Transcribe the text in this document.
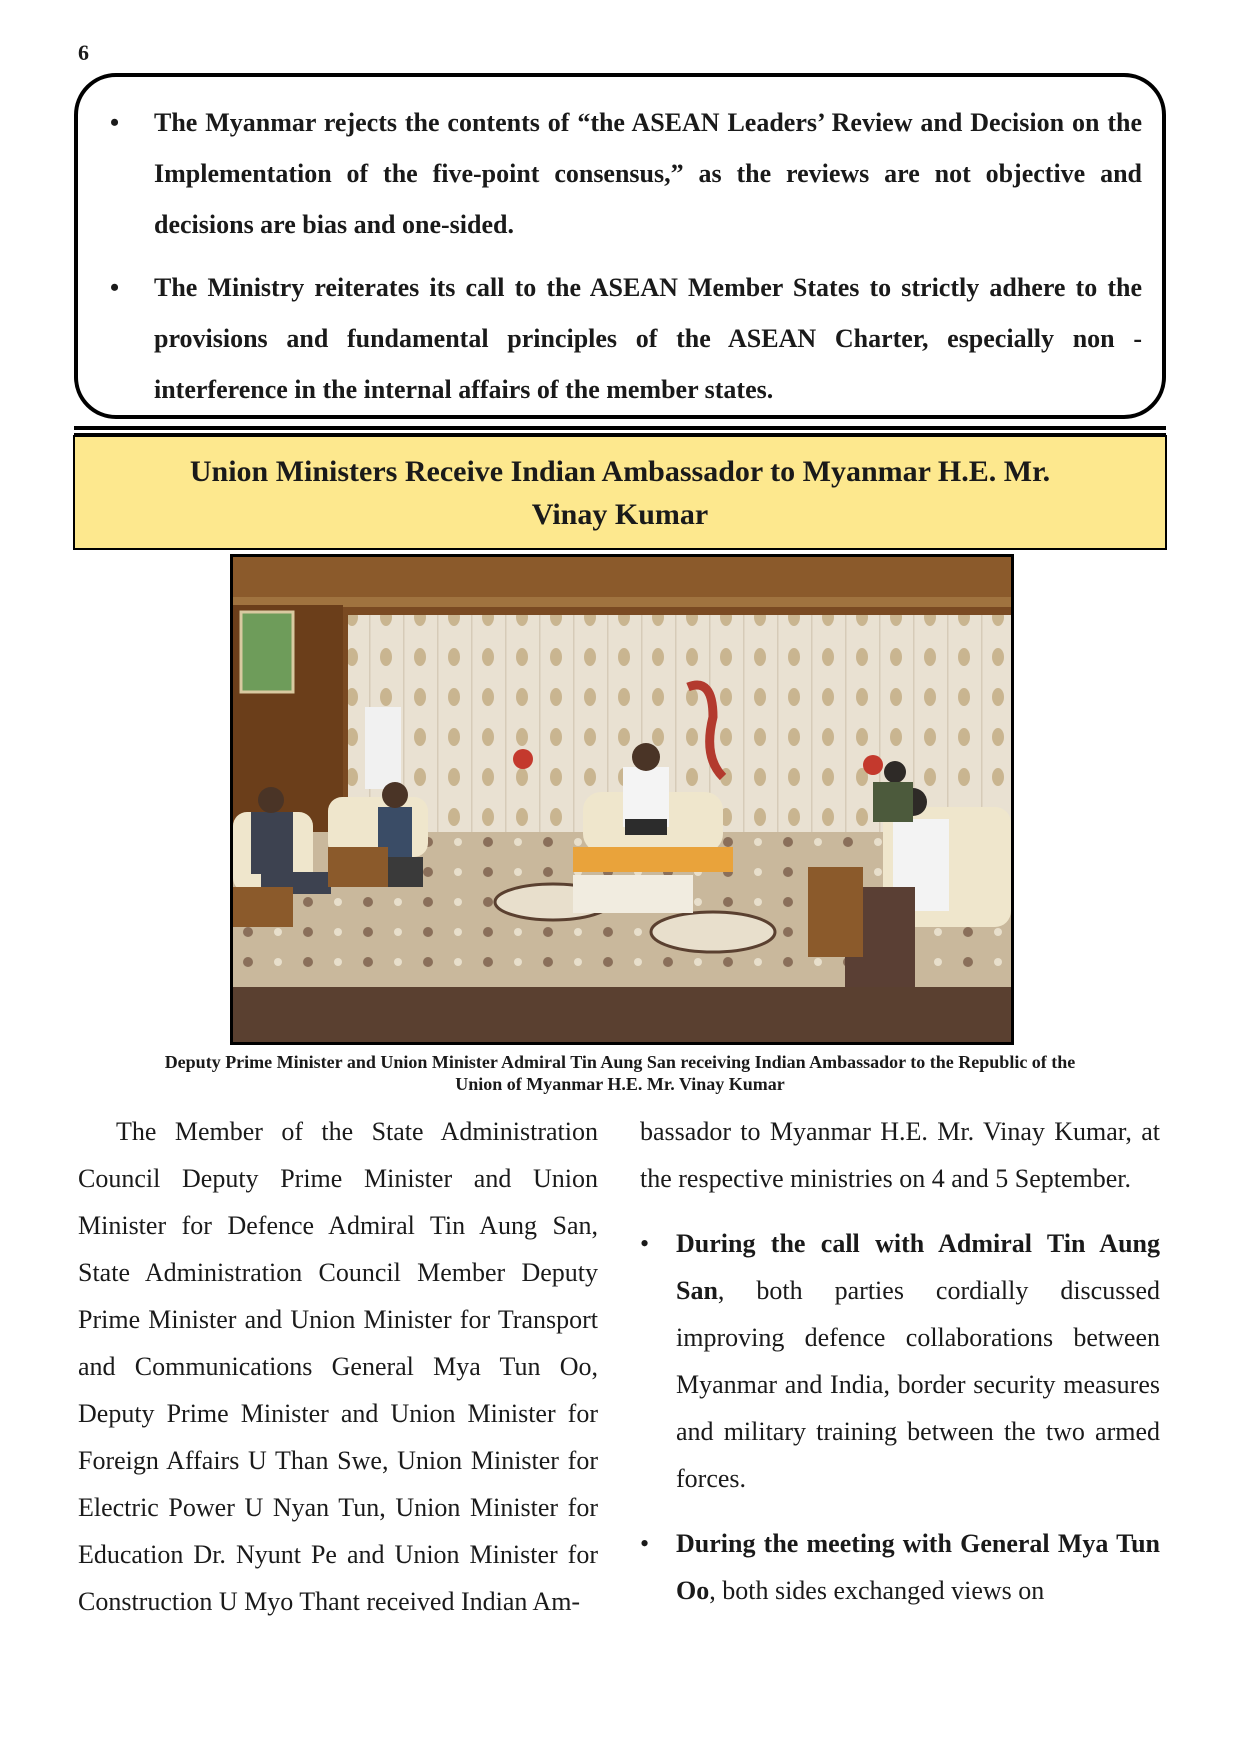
6
• The Myanmar rejects the contents of “the ASEAN Leaders’ Review and Decision on the Implementation of the five-point consensus,” as the reviews are not objective and decisions are bias and one-sided.
• The Ministry reiterates its call to the ASEAN Member States to strictly adhere to the provisions and fundamental principles of the ASEAN Charter, especially non -interference in the internal affairs of the member states.
Union Ministers Receive Indian Ambassador to Myanmar H.E. Mr. Vinay Kumar
Deputy Prime Minister and Union Minister Admiral Tin Aung San receiving Indian Ambassador to the Republic of the Union of Myanmar H.E. Mr. Vinay Kumar
The Member of the State Administration Council Deputy Prime Minister and Union Minister for Defence Admiral Tin Aung San, State Administration Council Member Deputy Prime Minister and Union Minister for Transport and Communications General Mya Tun Oo, Deputy Prime Minister and Union Minister for Foreign Affairs U Than Swe, Union Minister for Electric Power U Nyan Tun, Union Minister for Education Dr. Nyunt Pe and Union Minister for Construction U Myo Thant received Indian Am-
bassador to Myanmar H.E. Mr. Vinay Kumar, at the respective ministries on 4 and 5 September.
• During the call with Admiral Tin Aung San, both parties cordially discussed improving defence collaborations between Myanmar and India, border security measures and military training between the two armed forces.
• During the meeting with General Mya Tun Oo, both sides exchanged views on
